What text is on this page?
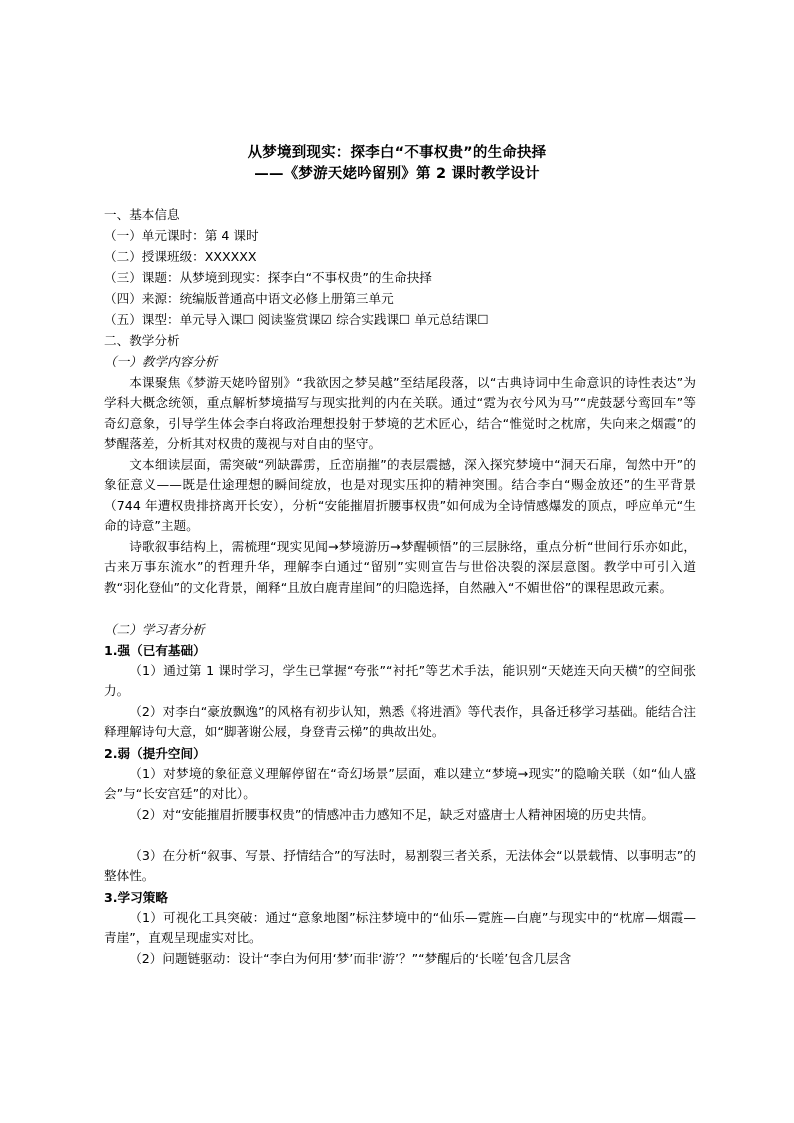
从梦境到现实：探李白“不事权贵”的生命抉择
——《梦游天姥吟留别》第 2 课时教学设计
一、基本信息
（一）单元课时：第 4 课时
（二）授课班级：XXXXXX
（三）课题：从梦境到现实：探李白“不事权贵”的生命抉择
（四）来源：统编版普通高中语文必修上册第三单元
（五）课型：单元导入课☐ 阅读鉴赏课☑ 综合实践课☐ 单元总结课☐
二、教学分析
（一）教学内容分析
本课聚焦《梦游天姥吟留别》“我欲因之梦吴越”至结尾段落，以“古典诗词中生命意识的诗性表达”为学科大概念统领，重点解析梦境描写与现实批判的内在关联。通过“霓为衣兮风为马”“虎鼓瑟兮鸾回车”等奇幻意象，引导学生体会李白将政治理想投射于梦境的艺术匠心，结合“惟觉时之枕席，失向来之烟霞”的梦醒落差，分析其对权贵的蔑视与对自由的坚守。
文本细读层面，需突破“列缺霹雳，丘峦崩摧”的表层震撼，深入探究梦境中“洞天石扉，訇然中开”的象征意义——既是仕途理想的瞬间绽放，也是对现实压抑的精神突围。结合李白“赐金放还”的生平背景（744 年遭权贵排挤离开长安），分析“安能摧眉折腰事权贵”如何成为全诗情感爆发的顶点，呼应单元“生命的诗意”主题。
诗歌叙事结构上，需梳理“现实见闻→梦境游历→梦醒顿悟”的三层脉络，重点分析“世间行乐亦如此，古来万事东流水”的哲理升华，理解李白通过“留别”实则宣告与世俗决裂的深层意图。教学中可引入道教“羽化登仙”的文化背景，阐释“且放白鹿青崖间”的归隐选择，自然融入“不媚世俗”的课程思政元素。
（二）学习者分析
1.强（已有基础）
（1）通过第 1 课时学习，学生已掌握“夸张”“衬托”等艺术手法，能识别“天姥连天向天横”的空间张力。
（2）对李白“豪放飘逸”的风格有初步认知，熟悉《将进酒》等代表作，具备迁移学习基础。能结合注释理解诗句大意，如“脚著谢公屐，身登青云梯”的典故出处。
2.弱（提升空间）
（1）对梦境的象征意义理解停留在“奇幻场景”层面，难以建立“梦境→现实”的隐喻关联（如“仙人盛会”与“长安宫廷”的对比）。
（2）对“安能摧眉折腰事权贵”的情感冲击力感知不足，缺乏对盛唐士人精神困境的历史共情。
（3）在分析“叙事、写景、抒情结合”的写法时，易割裂三者关系，无法体会“以景载情、以事明志”的整体性。
3.学习策略
（1）可视化工具突破：通过“意象地图”标注梦境中的“仙乐—霓旌—白鹿”与现实中的“枕席—烟霞—青崖”，直观呈现虚实对比。
（2）问题链驱动：设计“李白为何用‘梦’而非‘游’？”“梦醒后的‘长嗟’包含几层含
